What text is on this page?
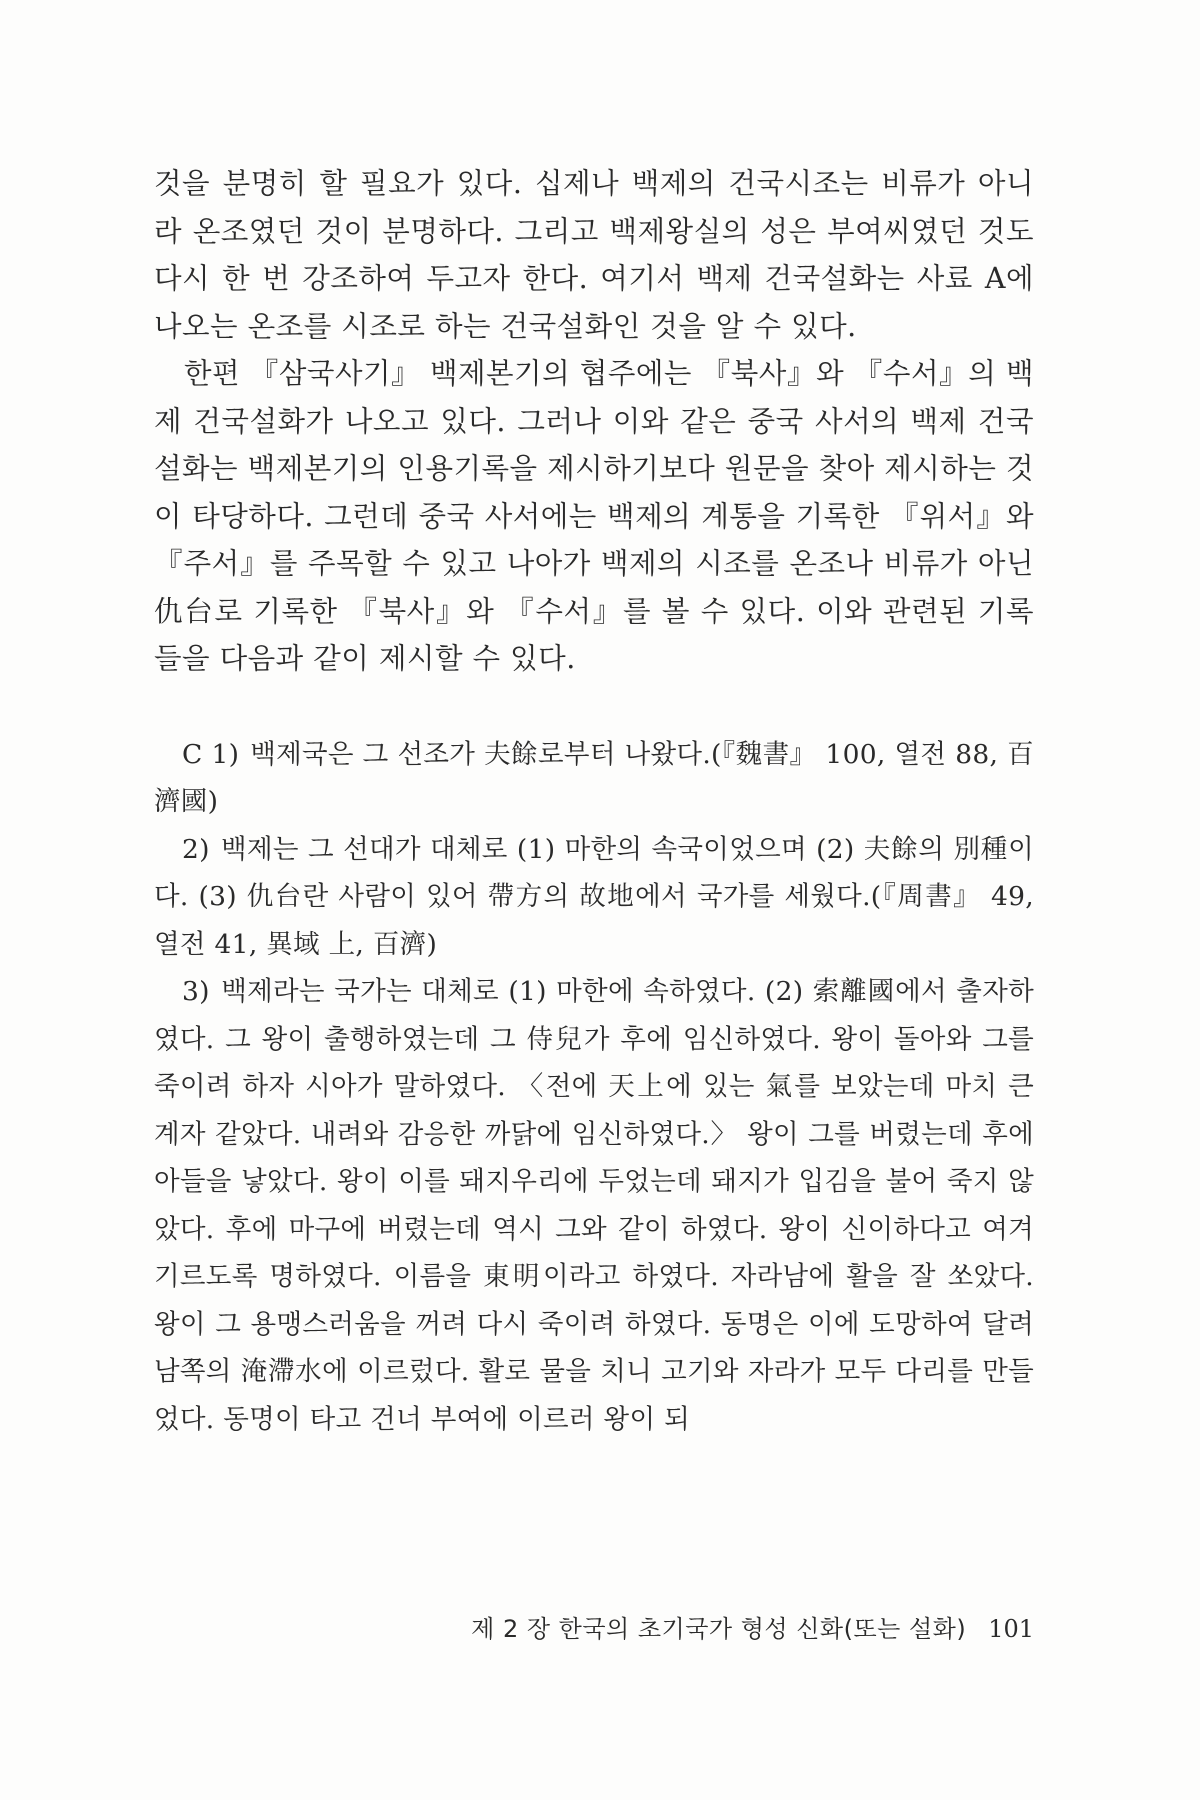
것을 분명히 할 필요가 있다. 십제나 백제의 건국시조는 비류가 아니라 온조였던 것이 분명하다. 그리고 백제왕실의 성은 부여씨였던 것도 다시 한 번 강조하여 두고자 한다. 여기서 백제 건국설화는 사료 A에 나오는 온조를 시조로 하는 건국설화인 것을 알 수 있다.

한편 『삼국사기』 백제본기의 협주에는 『북사』와 『수서』의 백제 건국설화가 나오고 있다. 그러나 이와 같은 중국 사서의 백제 건국설화는 백제본기의 인용기록을 제시하기보다 원문을 찾아 제시하는 것이 타당하다. 그런데 중국 사서에는 백제의 계통을 기록한 『위서』와 『주서』를 주목할 수 있고 나아가 백제의 시조를 온조나 비류가 아닌 仇台로 기록한 『북사』와 『수서』를 볼 수 있다. 이와 관련된 기록들을 다음과 같이 제시할 수 있다.

C 1) 백제국은 그 선조가 夫餘로부터 나왔다.(『魏書』 100, 열전 88, 百濟國)

2) 백제는 그 선대가 대체로 (1) 마한의 속국이었으며 (2) 夫餘의 別種이다. (3) 仇台란 사람이 있어 帶方의 故地에서 국가를 세웠다.(『周書』 49, 열전 41, 異域 上, 百濟)

3) 백제라는 국가는 대체로 (1) 마한에 속하였다. (2) 索離國에서 출자하였다. 그 왕이 출행하였는데 그 侍兒가 후에 임신하였다. 왕이 돌아와 그를 죽이려 하자 시아가 말하였다. 〈전에 天上에 있는 氣를 보았는데 마치 큰 계자 같았다. 내려와 감응한 까닭에 임신하였다.〉 왕이 그를 버렸는데 후에 아들을 낳았다. 왕이 이를 돼지우리에 두었는데 돼지가 입김을 불어 죽지 않았다. 후에 마구에 버렸는데 역시 그와 같이 하였다. 왕이 신이하다고 여겨 기르도록 명하였다. 이름을 東明이라고 하였다. 자라남에 활을 잘 쏘았다. 왕이 그 용맹스러움을 꺼려 다시 죽이려 하였다. 동명은 이에 도망하여 달려 남쪽의 淹滯水에 이르렀다. 활로 물을 치니 고기와 자라가 모두 다리를 만들었다. 동명이 타고 건너 부여에 이르러 왕이 되

제 2 장 한국의 초기국가 형성 신화(또는 설화) 101
